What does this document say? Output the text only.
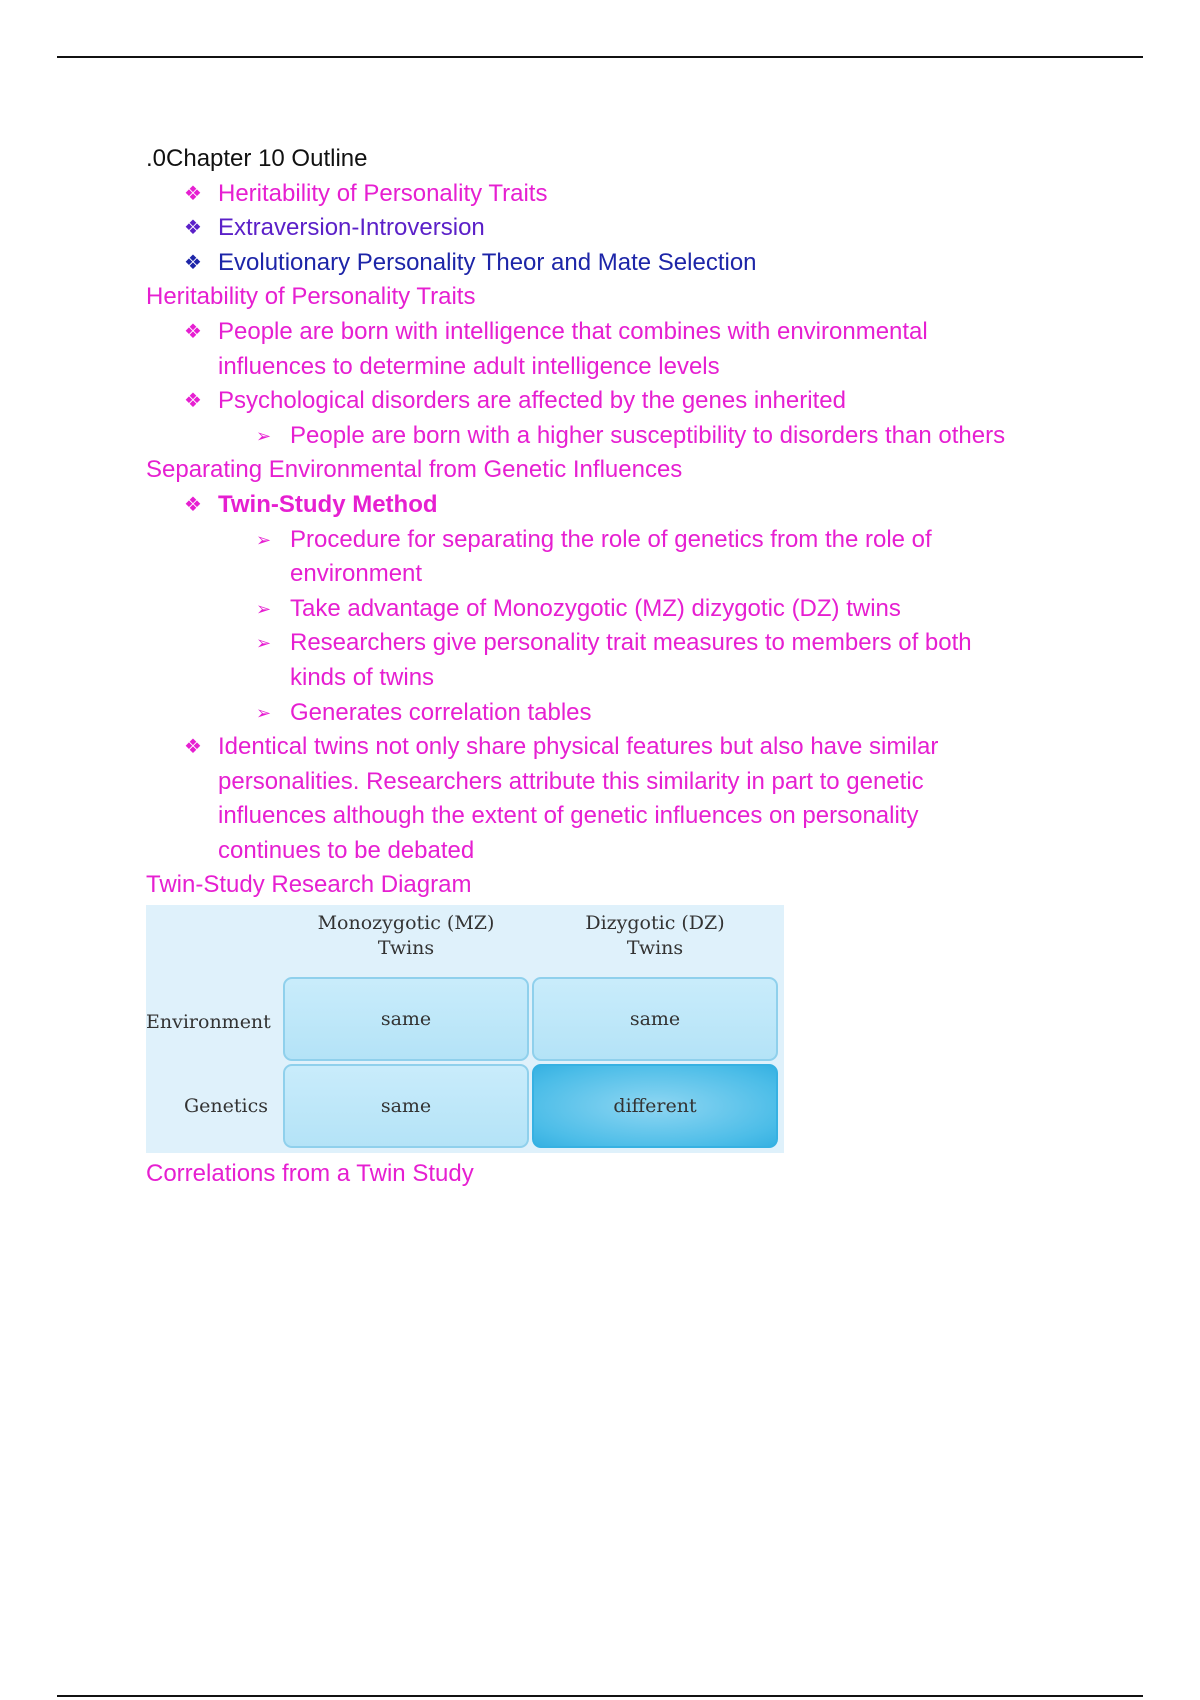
.0Chapter 10 Outline
❖ Heritability of Personality Traits
❖ Extraversion-Introversion
❖ Evolutionary Personality Theor and Mate Selection
Heritability of Personality Traits
❖ People are born with intelligence that combines with environmental
influences to determine adult intelligence levels
❖ Psychological disorders are affected by the genes inherited
➢ People are born with a higher susceptibility to disorders than others
Separating Environmental from Genetic Influences
❖ Twin-Study Method
➢ Procedure for separating the role of genetics from the role of
environment
➢ Take advantage of Monozygotic (MZ) dizygotic (DZ) twins
➢ Researchers give personality trait measures to members of both
kinds of twins
➢ Generates correlation tables
❖ Identical twins not only share physical features but also have similar
personalities. Researchers attribute this similarity in part to genetic
influences although the extent of genetic influences on personality
continues to be debated
Twin-Study Research Diagram
Monozygotic (MZ)
Twins
Dizygotic (DZ)
Twins
Environment
Genetics
same	same
same	different
Correlations from a Twin Study
